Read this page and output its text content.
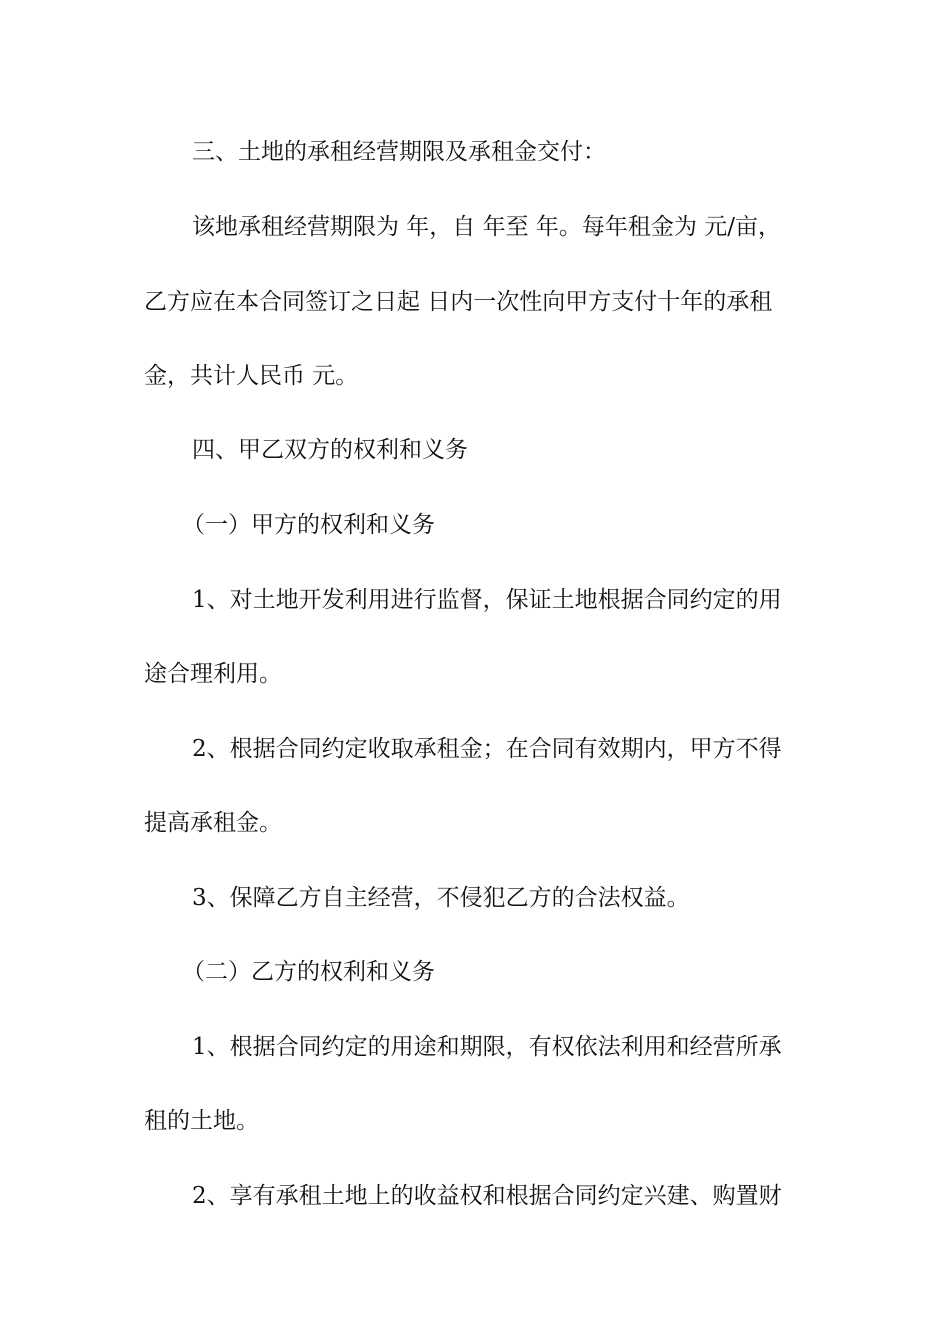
三、土地的承租经营期限及承租金交付：
该地承租经营期限为 年，自 年至 年。每年租金为 元/亩，
乙方应在本合同签订之日起 日内一次性向甲方支付十年的承租
金，共计人民币 元。
四、甲乙双方的权利和义务
（一）甲方的权利和义务
1、对土地开发利用进行监督，保证土地根据合同约定的用
途合理利用。
2、根据合同约定收取承租金；在合同有效期内，甲方不得
提高承租金。
3、保障乙方自主经营，不侵犯乙方的合法权益。
（二）乙方的权利和义务
1、根据合同约定的用途和期限，有权依法利用和经营所承
租的土地。
2、享有承租土地上的收益权和根据合同约定兴建、购置财
